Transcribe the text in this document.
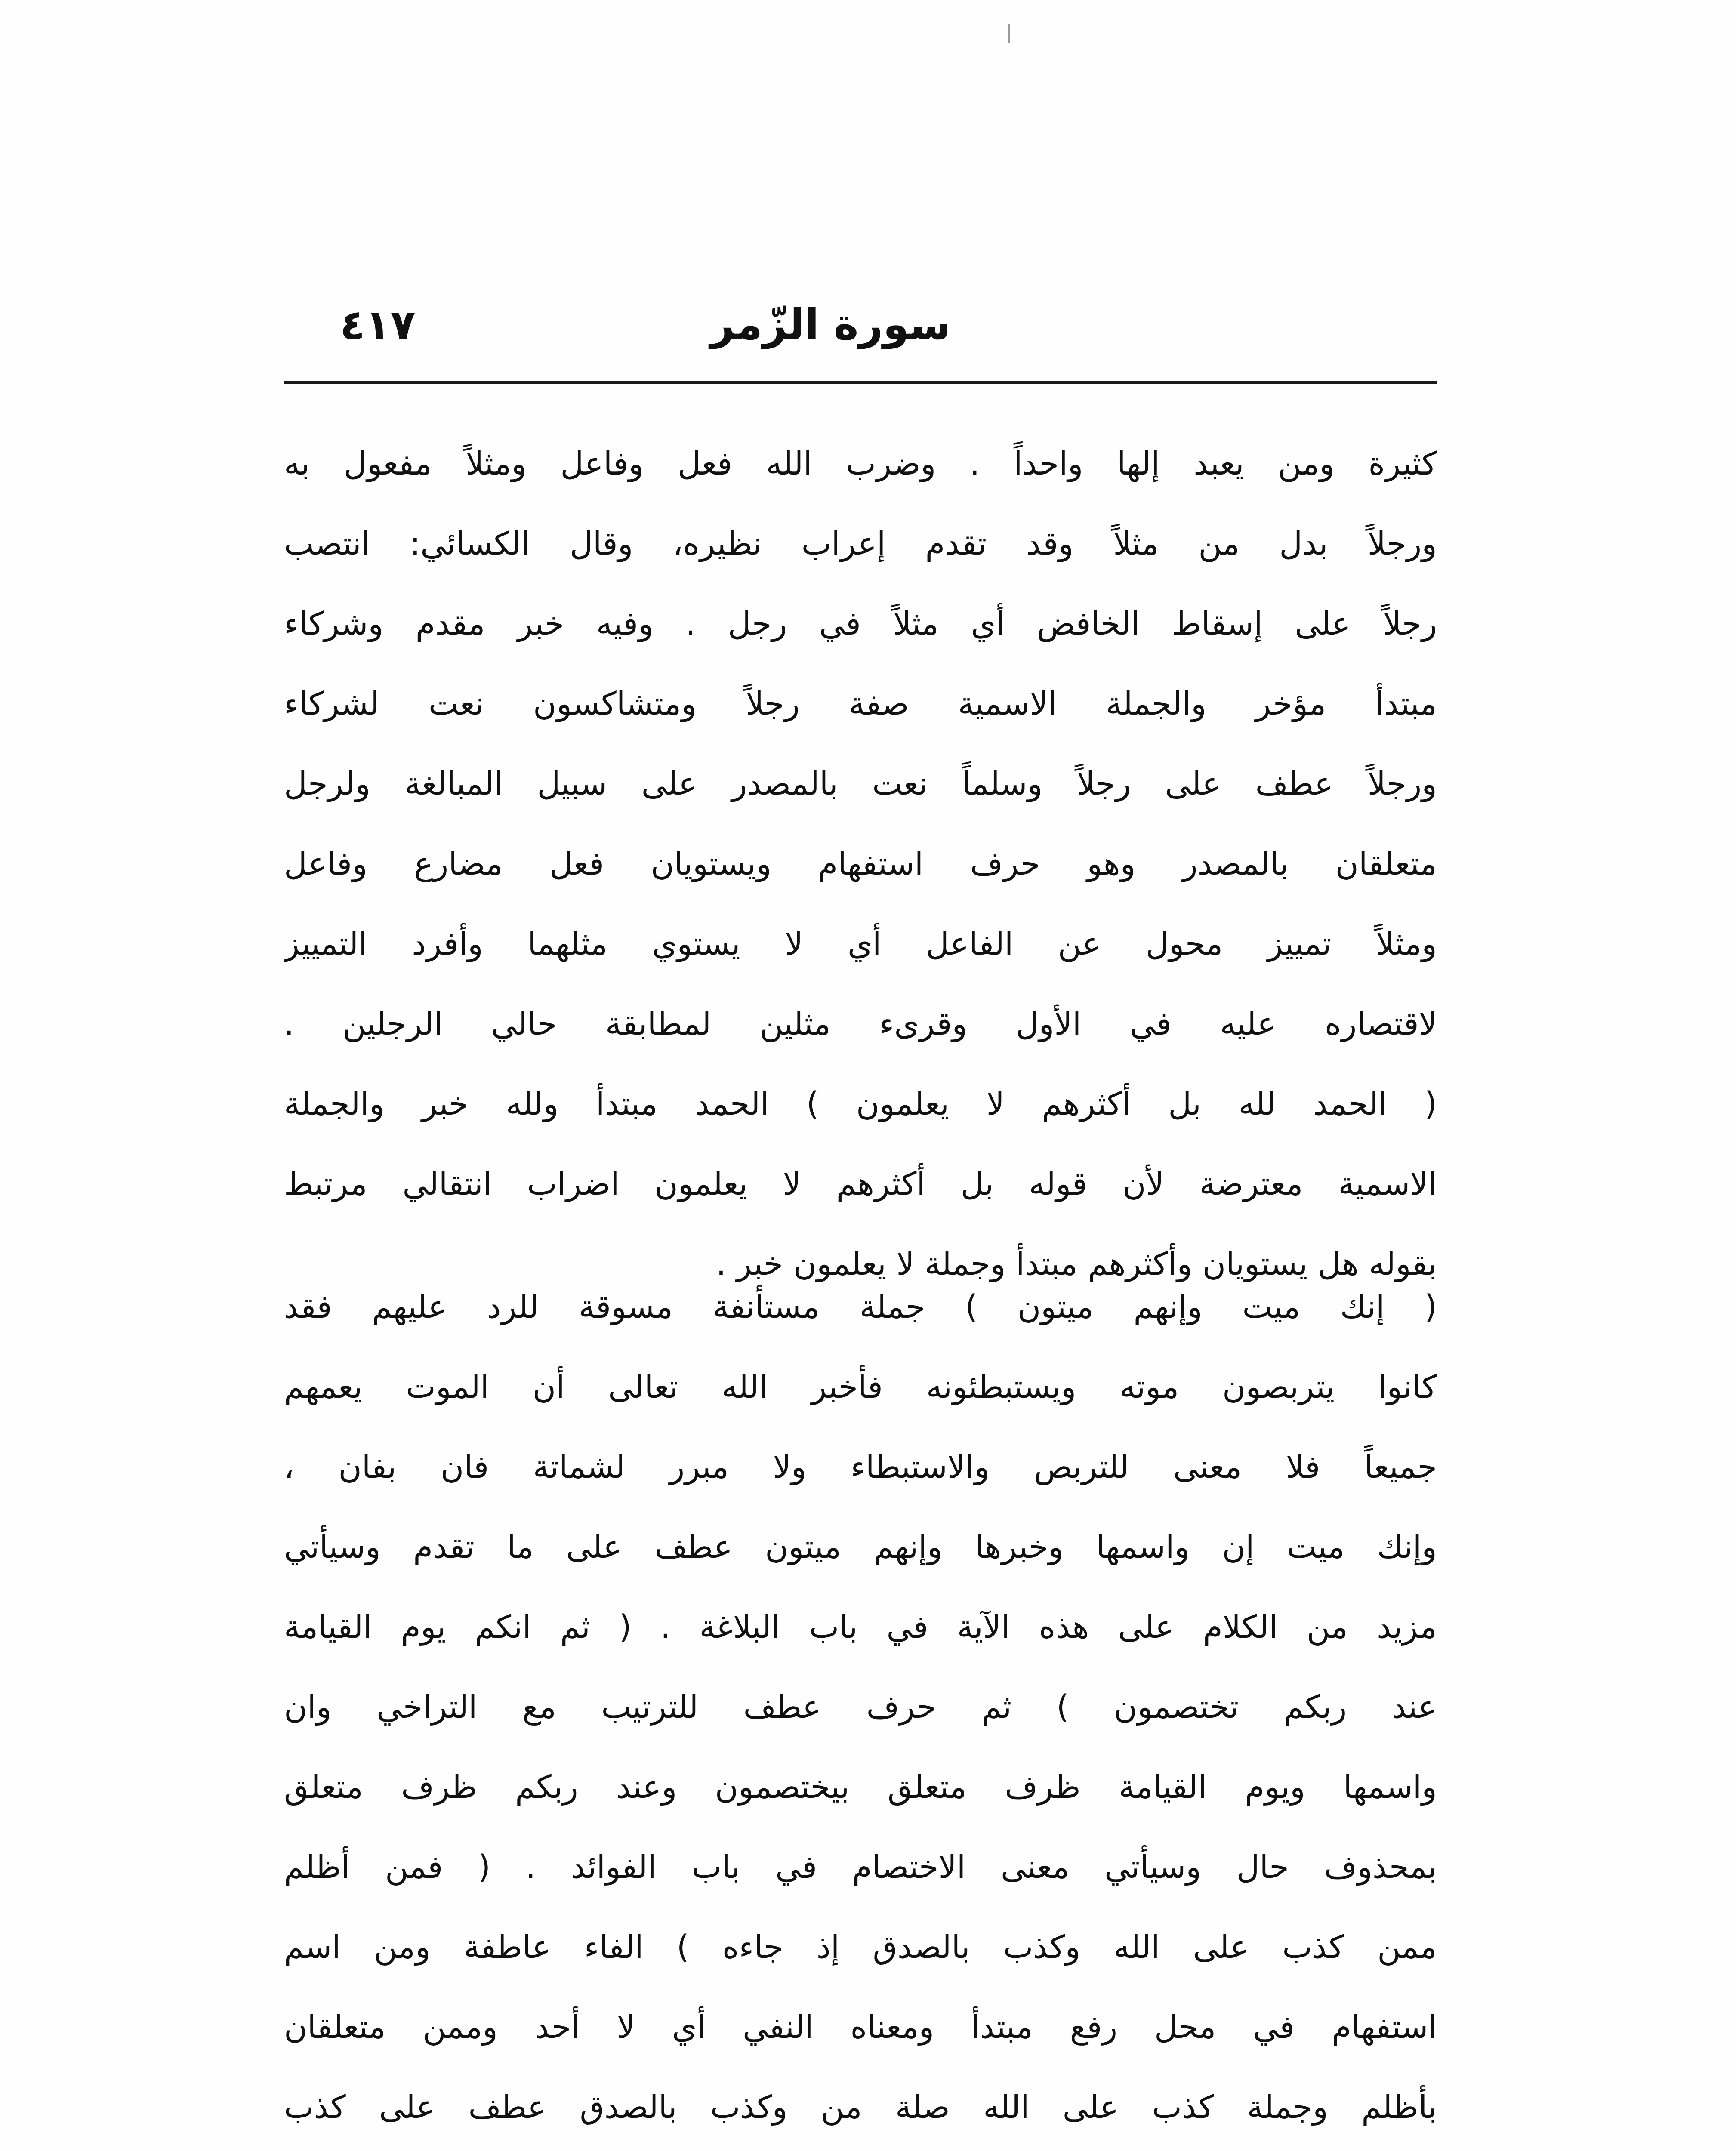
سورة الزّمر
٤١٧
كثيرة ومن يعبد إلها واحداً . وضرب الله فعل وفاعل ومثلاً مفعول به
ورجلاً بدل من مثلاً وقد تقدم إعراب نظيره، وقال الكسائي: انتصب
رجلاً على إسقاط الخافض أي مثلاً في رجل . وفيه خبر مقدم وشركاء
مبتدأ مؤخر والجملة الاسمية صفة رجلاً ومتشاكسون نعت لشركاء
ورجلاً عطف على رجلاً وسلماً نعت بالمصدر على سبيل المبالغة ولرجل
متعلقان بالمصدر وهو حرف استفهام ويستويان فعل مضارع وفاعل
ومثلاً تمييز محول عن الفاعل أي لا يستوي مثلهما وأفرد التمييز
لاقتصاره عليه في الأول وقرىء مثلين لمطابقة حالي الرجلين .
( الحمد لله بل أكثرهم لا يعلمون ) الحمد مبتدأ ولله خبر والجملة
الاسمية معترضة لأن قوله بل أكثرهم لا يعلمون اضراب انتقالي مرتبط
بقوله هل يستويان وأكثرهم مبتدأ وجملة لا يعلمون خبر .
( إنك ميت وإنهم ميتون ) جملة مستأنفة مسوقة للرد عليهم فقد
كانوا يتربصون موته ويستبطئونه فأخبر الله تعالى أن الموت يعمهم
جميعاً فلا معنى للتربص والاستبطاء ولا مبرر لشماتة فان بفان ،
وإنك ميت إن واسمها وخبرها وإنهم ميتون عطف على ما تقدم وسيأتي
مزيد من الكلام على هذه الآية في باب البلاغة . ( ثم انكم يوم القيامة
عند ربكم تختصمون ) ثم حرف عطف للترتيب مع التراخي وان
واسمها ويوم القيامة ظرف متعلق بيختصمون وعند ربكم ظرف متعلق
بمحذوف حال وسيأتي معنى الاختصام في باب الفوائد . ( فمن أظلم
ممن كذب على الله وكذب بالصدق إذ جاءه ) الفاء عاطفة ومن اسم
استفهام في محل رفع مبتدأ ومعناه النفي أي لا أحد وممن متعلقان
بأظلم وجملة كذب على الله صلة من وكذب بالصدق عطف على كذب
